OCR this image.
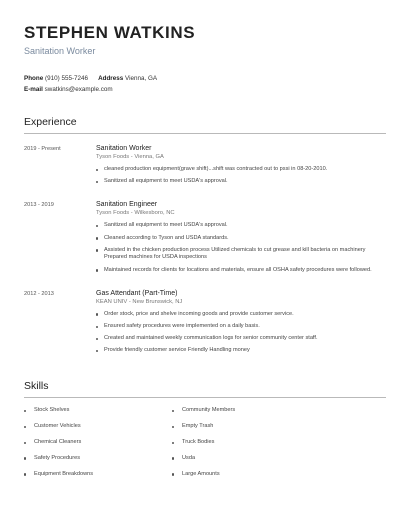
STEPHEN WATKINS
Sanitation Worker
Phone (910) 555-7246 Address Vienna, GA
E-mail swatkins@example.com
Experience
2019 - Present	Sanitation Worker
Tyson Foods - Vienna, GA
cleaned production equipment(grave shift)...shift was contracted out to pssi in 08-20-2010.
Sanitized all equipment to meet USDA's approval.
2013 - 2019	Sanitation Engineer
Tyson Foods - Wilkesboro, NC
Sanitized all equipment to meet USDA's approval.
Cleaned according to Tyson and USDA standards.
Assisted in the chicken production process Utilized chemicals to cut grease and kill bacteria on machinery Prepared machines for USDA inspections
Maintained records for clients for locations and materials, ensure all OSHA safety procedures were followed.
2012 - 2013	Gas Attendant (Part-Time)
KEAN UNIV - New Brunswick, NJ
Order stock, price and shelve incoming goods and provide customer service.
Ensured safety procedures were implemented on a daily basis.
Created and maintained weekly communication logs for senior community center staff.
Provide friendly customer service Friendly Handling money
Skills
Stock Shelves	Community Members
Customer Vehicles	Empty Trash
Chemical Cleaners	Truck Bodies
Safety Procedures	Usda
Equipment Breakdowns	Large Amounts
